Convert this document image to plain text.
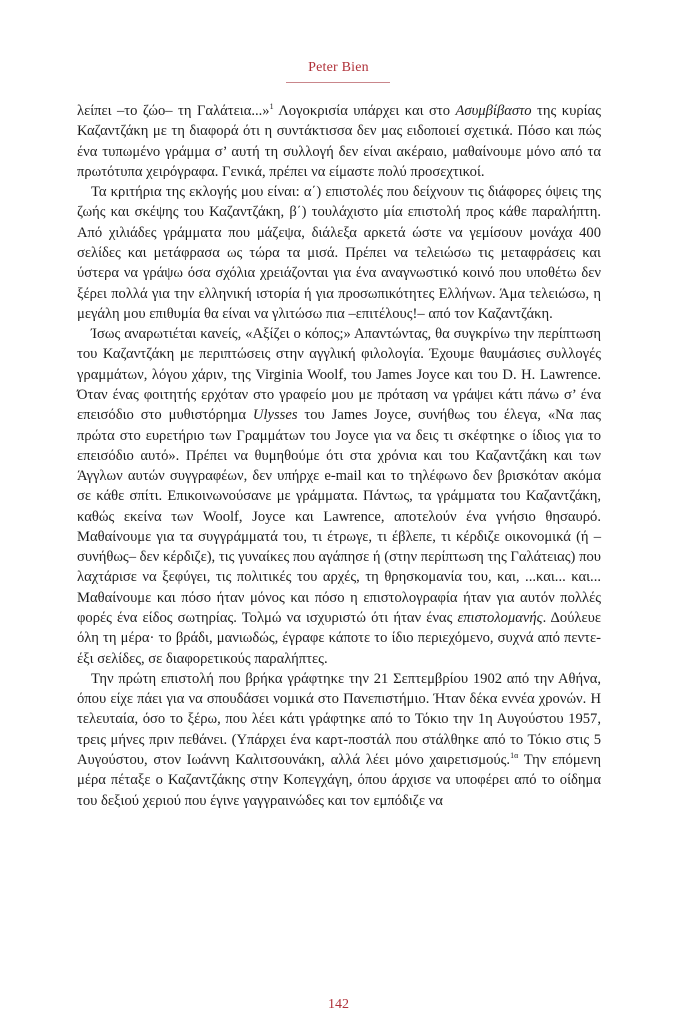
Peter Bien

λείπει –το ζώο– τη Γαλάτεια...»$^1$ Λογοκρισία υπάρχει και στο Ασυμβίβαστο της κυρίας Καζαντζάκη με τη διαφορά ότι η συντάκτισσα δεν μας ειδοποιεί σχετικά. Πόσο και πώς ένα τυπωμένο γράμμα σ’ αυτή τη συλλογή δεν είναι ακέραιο, μαθαίνουμε μόνο από τα πρωτότυπα χειρόγραφα. Γενικά, πρέπει να είμαστε πολύ προσεχτικοί.

Τα κριτήρια της εκλογής μου είναι: α΄) επιστολές που δείχνουν τις διάφορες όψεις της ζωής και σκέψης του Καζαντζάκη, β΄) τουλάχιστο μία επιστολή προς κάθε παραλήπτη. Από χιλιάδες γράμματα που μάζεψα, διάλεξα αρκετά ώστε να γεμίσουν μονάχα 400 σελίδες και μετάφρασα ως τώρα τα μισά. Πρέπει να τελειώσω τις μεταφράσεις και ύστερα να γράψω όσα σχόλια χρειάζονται για ένα αναγνωστικό κοινό που υποθέτω δεν ξέρει πολλά για την ελληνική ιστορία ή για προσωπικότητες Ελλήνων. Άμα τελειώσω, η μεγάλη μου επιθυμία θα είναι να γλιτώσω πια –επιτέλους!– από τον Καζαντζάκη.

Ίσως αναρωτιέται κανείς, «Αξίζει ο κόπος;» Απαντώντας, θα συγκρίνω την περίπτωση του Καζαντζάκη με περιπτώσεις στην αγγλική φιλολογία. Έχουμε θαυμάσιες συλλογές γραμμάτων, λόγου χάριν, της Virginia Woolf, του James Joyce και του D. H. Lawrence. Όταν ένας φοιτητής ερχόταν στο γραφείο μου με πρόταση να γράψει κάτι πάνω σ’ ένα επεισόδιο στο μυθιστόρημα Ulysses του James Joyce, συνήθως του έλεγα, «Να πας πρώτα στο ευρετήριο των Γραμμάτων του Joyce για να δεις τι σκέφτηκε ο ίδιος για το επεισόδιο αυτό». Πρέπει να θυμηθούμε ότι στα χρόνια και του Καζαντζάκη και των Άγγλων αυτών συγγραφέων, δεν υπήρχε e-mail και το τηλέφωνο δεν βρισκόταν ακόμα σε κάθε σπίτι. Επικοινωνούσανε με γράμματα. Πάντως, τα γράμματα του Καζαντζάκη, καθώς εκείνα των Woolf, Joyce και Lawrence, αποτελούν ένα γνήσιο θησαυρό. Μαθαίνουμε για τα συγγράμματά του, τι έτρωγε, τι έβλεπε, τι κέρδιζε οικονομικά (ή –συνήθως– δεν κέρδιζε), τις γυναίκες που αγάπησε ή (στην περίπτωση της Γαλάτειας) που λαχτάρισε να ξεφύγει, τις πολιτικές του αρχές, τη θρησκομανία του, και, ...και... και... Μαθαίνουμε και πόσο ήταν μόνος και πόσο η επιστολογραφία ήταν για αυτόν πολλές φορές ένα είδος σωτηρίας. Τολμώ να ισχυριστώ ότι ήταν ένας επιστολομανής. Δούλευε όλη τη μέρα· το βράδι, μανιωδώς, έγραφε κάποτε το ίδιο περιεχόμενο, συχνά από πεντε-έξι σελίδες, σε διαφορετικούς παραλήπτες.

Την πρώτη επιστολή που βρήκα γράφτηκε την 21 Σεπτεμβρίου 1902 από την Αθήνα, όπου είχε πάει για να σπουδάσει νομικά στο Πανεπιστήμιο. Ήταν δέκα εννέα χρονών. Η τελευταία, όσο το ξέρω, που λέει κάτι γράφτηκε από το Τόκιο την 1η Αυγούστου 1957, τρεις μήνες πριν πεθάνει. (Υπάρχει ένα καρτ-ποστάλ που στάλθηκε από το Τόκιο στις 5 Αυγούστου, στον Ιωάννη Καλιτσουνάκη, αλλά λέει μόνο χαιρετισμούς.$^{1\alpha}$ Την επόμενη μέρα πέταξε ο Καζαντζάκης στην Κοπεγχάγη, όπου άρχισε να υποφέρει από το οίδημα του δεξιού χεριού που έγινε γαγγραινώδες και τον εμπόδιζε να

142
